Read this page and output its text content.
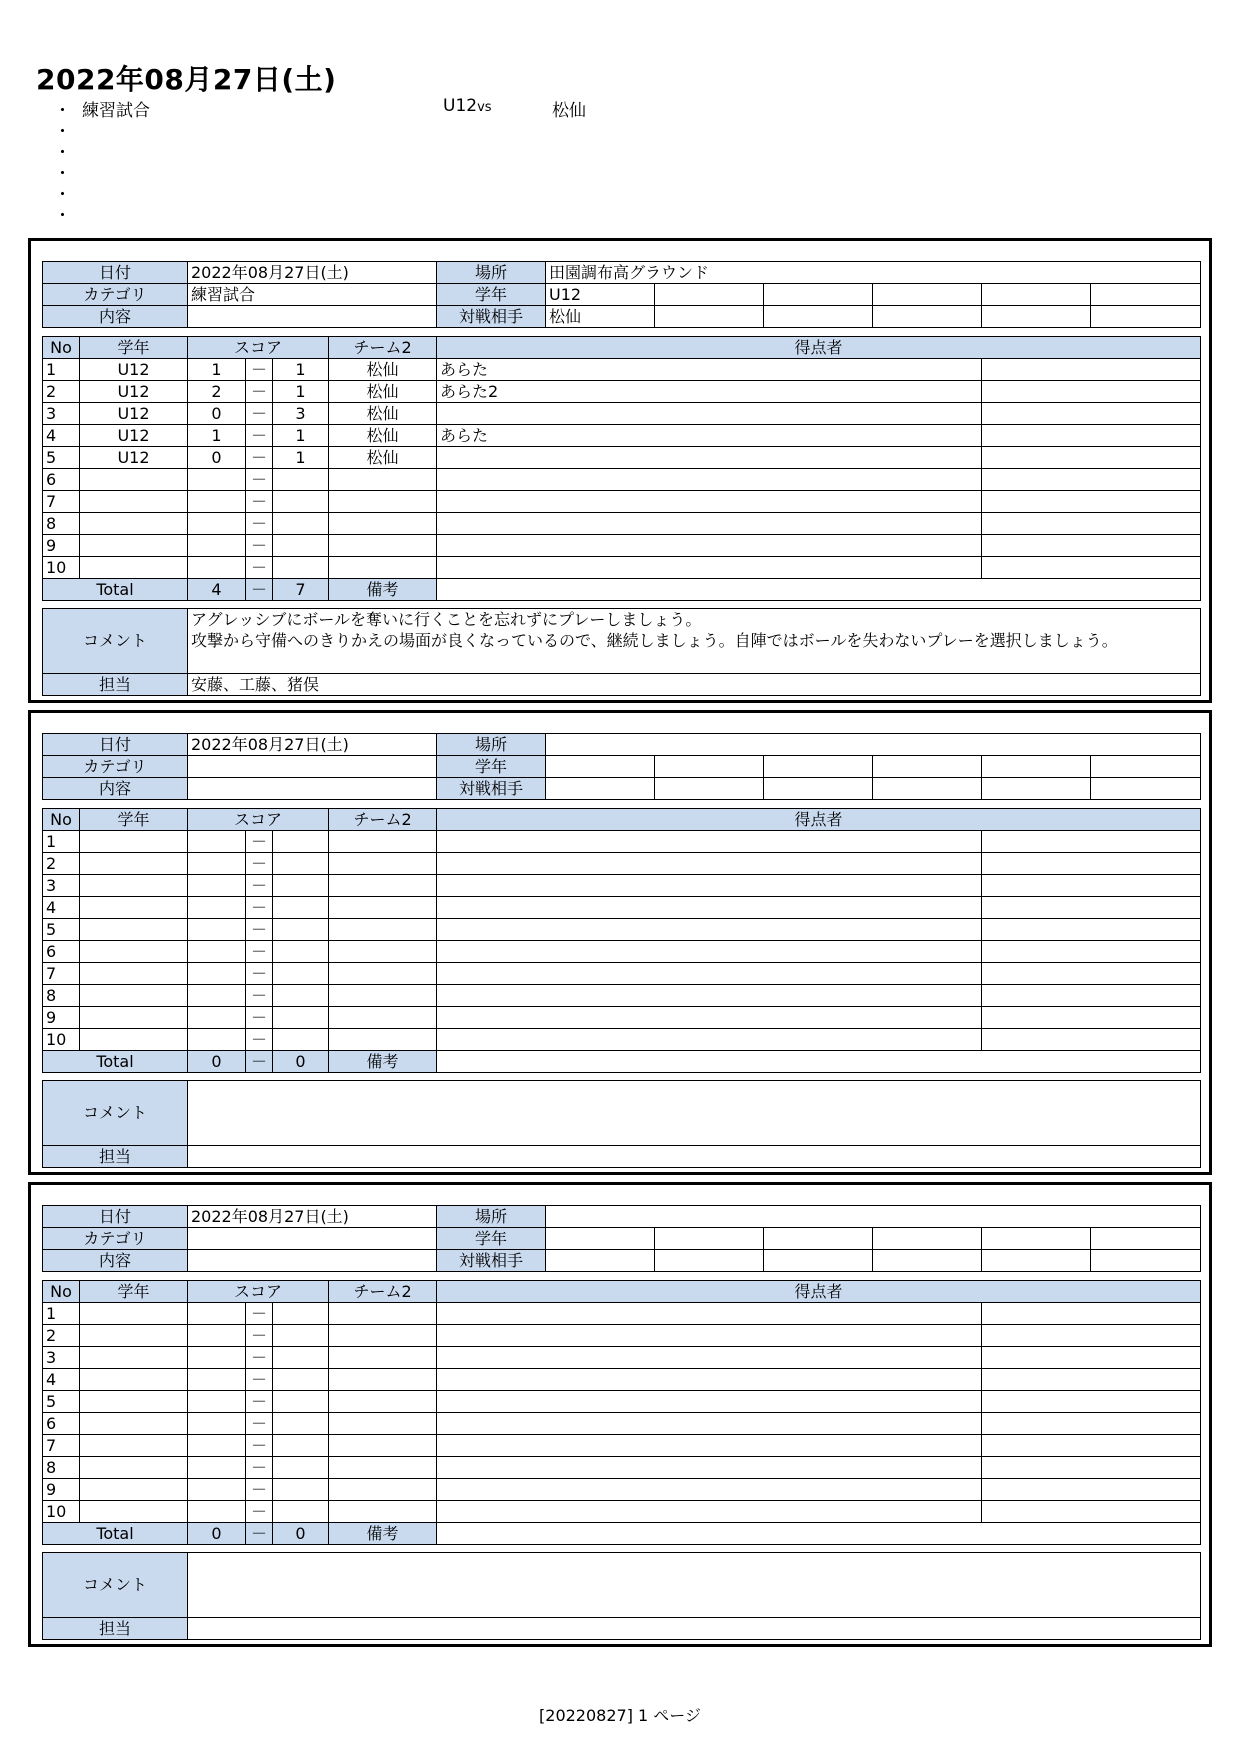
2022年08月27日(土)
・ 練習試合	U12vs	松仙
・
・
・
・
・
日付	2022年08月27日(土)	場所	田園調布高グラウンド					
カテゴリ	練習試合	学年	U12					
内容		対戦相手	松仙					
No	学年	スコア			チーム2	得点者	
1	U12	1	－	1	松仙	あらた	
2	U12	2	－	1	松仙	あらた2	
3	U12	0	－	3	松仙		
4	U12	1	－	1	松仙	あらた	
5	U12	0	－	1	松仙		
6			－				
7			－				
8			－				
9			－				
10			－				
Total		4	－	7	備考		
コメント	アグレッシブにボールを奪いに行くことを忘れずにプレーしましょう。
攻撃から守備へのきりかえの場面が良くなっているので、継続しましょう。自陣ではボールを失わないプレーを選択しましょう。

担当	安藤、工藤、猪俣
日付	2022年08月27日(土)	場所						
カテゴリ		学年						
内容		対戦相手						
No	学年	スコア			チーム2	得点者	
1			－				
2			－				
3			－				
4			－				
5			－				
6			－				
7			－				
8			－				
9			－				
10			－				
Total		0	－	0	備考		
コメント	

担当	
日付	2022年08月27日(土)	場所						
カテゴリ		学年						
内容		対戦相手						
No	学年	スコア			チーム2	得点者	
1			－				
2			－				
3			－				
4			－				
5			－				
6			－				
7			－				
8			－				
9			－				
10			－				
Total		0	－	0	備考		
コメント	

担当	
[20220827] 1 ページ
